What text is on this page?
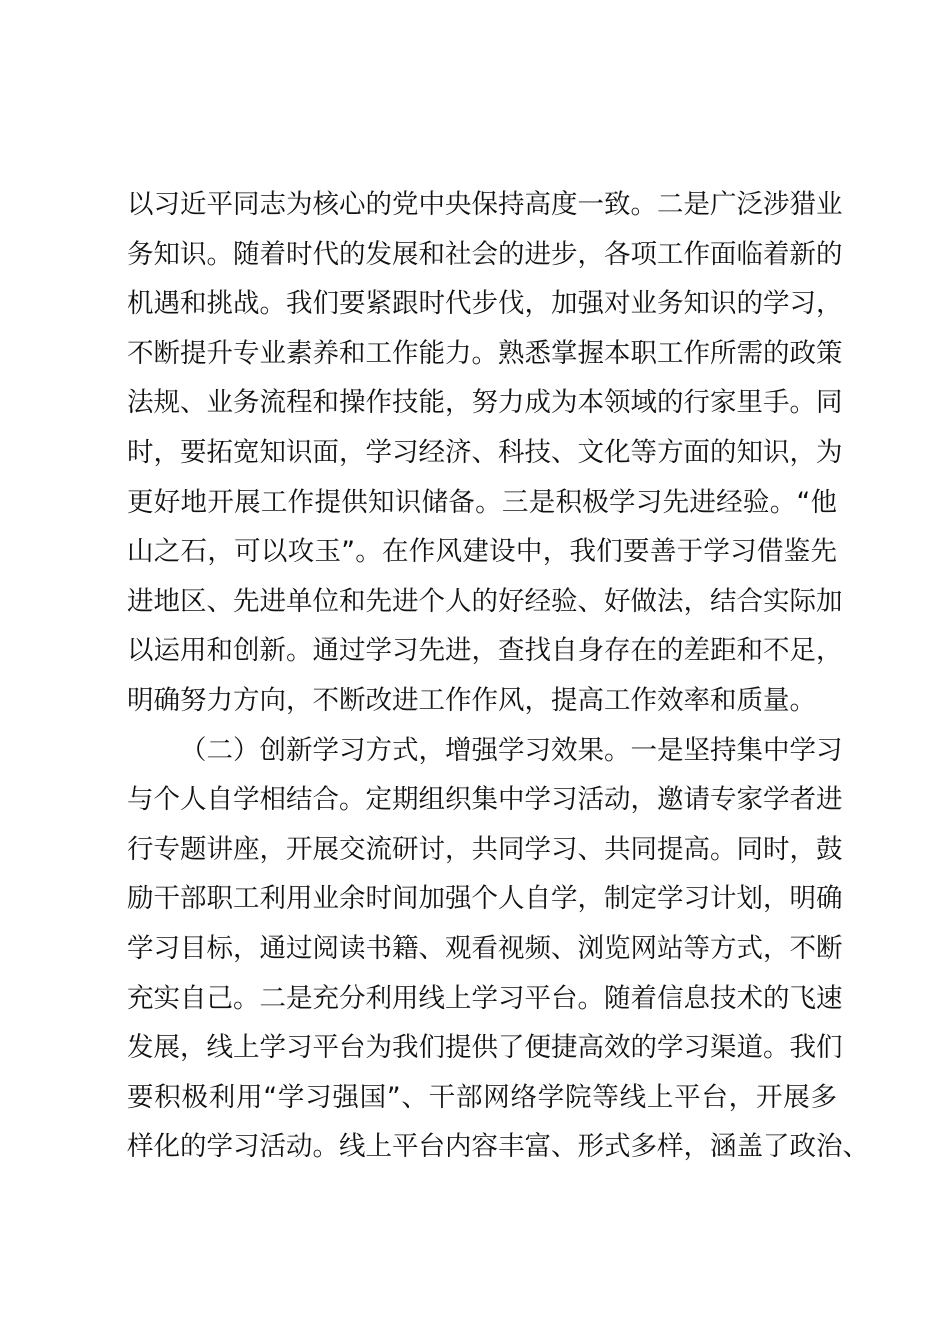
以习近平同志为核心的党中央保持高度一致。二是广泛涉猎业
务知识。随着时代的发展和社会的进步，各项工作面临着新的
机遇和挑战。我们要紧跟时代步伐，加强对业务知识的学习，
不断提升专业素养和工作能力。熟悉掌握本职工作所需的政策
法规、业务流程和操作技能，努力成为本领域的行家里手。同
时，要拓宽知识面，学习经济、科技、文化等方面的知识，为
更好地开展工作提供知识储备。三是积极学习先进经验。“他
山之石，可以攻玉”。在作风建设中，我们要善于学习借鉴先
进地区、先进单位和先进个人的好经验、好做法，结合实际加
以运用和创新。通过学习先进，查找自身存在的差距和不足，
明确努力方向，不断改进工作作风，提高工作效率和质量。
（二）创新学习方式，增强学习效果。一是坚持集中学习
与个人自学相结合。定期组织集中学习活动，邀请专家学者进
行专题讲座，开展交流研讨，共同学习、共同提高。同时，鼓
励干部职工利用业余时间加强个人自学，制定学习计划，明确
学习目标，通过阅读书籍、观看视频、浏览网站等方式，不断
充实自己。二是充分利用线上学习平台。随着信息技术的飞速
发展，线上学习平台为我们提供了便捷高效的学习渠道。我们
要积极利用“学习强国”、干部网络学院等线上平台，开展多
样化的学习活动。线上平台内容丰富、形式多样，涵盖了政治、
